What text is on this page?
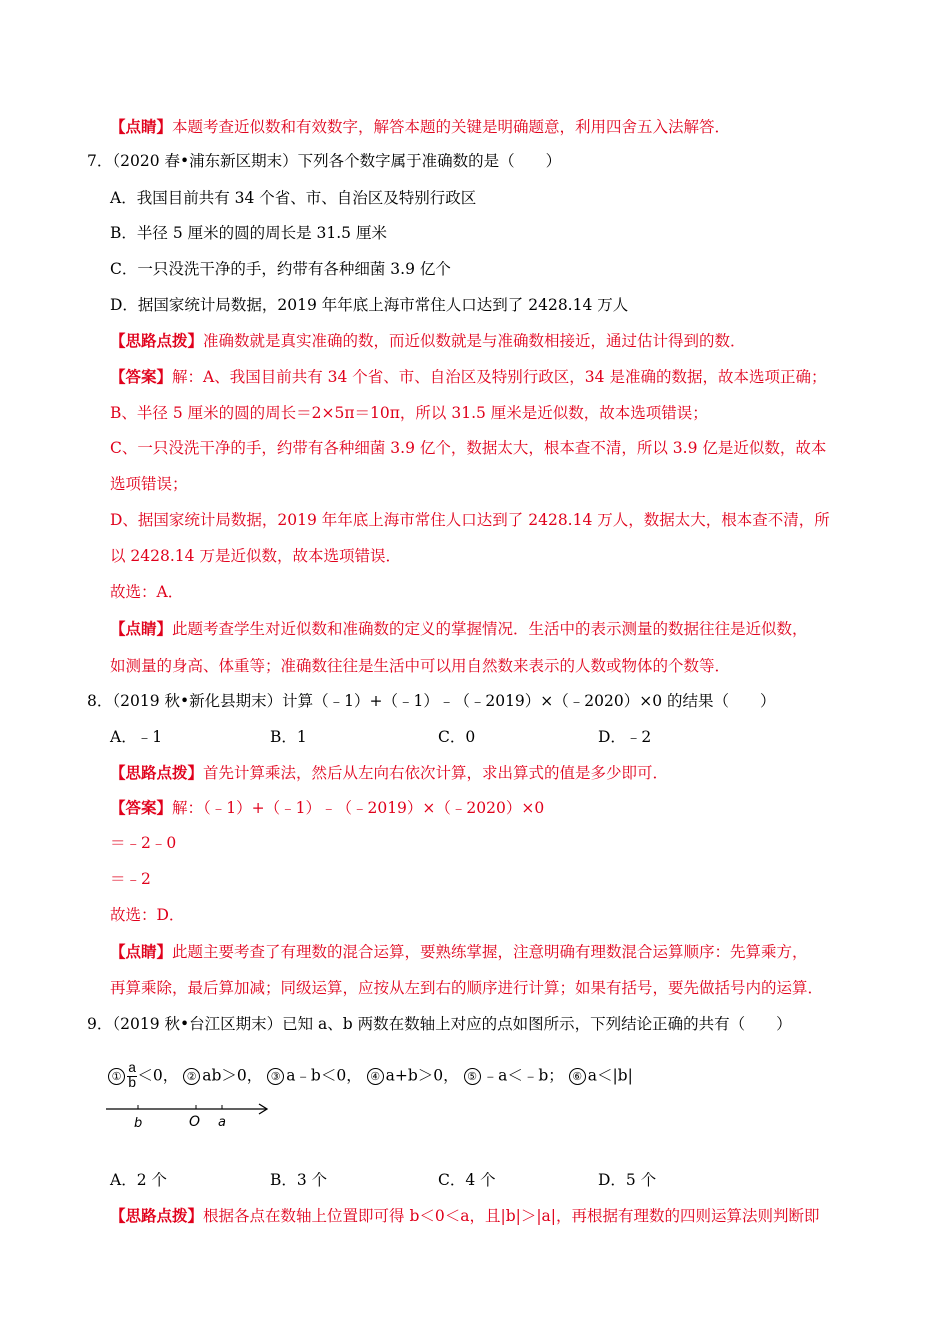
【点睛】本题考查近似数和有效数字，解答本题的关键是明确题意，利用四舍五入法解答．
7．（2020 春•浦东新区期末）下列各个数字属于准确数的是（　　）
A．我国目前共有 34 个省、市、自治区及特别行政区
B．半径 5 厘米的圆的周长是 31.5 厘米
C．一只没洗干净的手，约带有各种细菌 3.9 亿个
D．据国家统计局数据，2019 年年底上海市常住人口达到了 2428.14 万人
【思路点拨】准确数就是真实准确的数，而近似数就是与准确数相接近，通过估计得到的数．
【答案】解：A、我国目前共有 34 个省、市、自治区及特别行政区，34 是准确的数据，故本选项正确；
B、半径 5 厘米的圆的周长＝2×5π＝10π，所以 31.5 厘米是近似数，故本选项错误；
C、一只没洗干净的手，约带有各种细菌 3.9 亿个，数据太大，根本查不清，所以 3.9 亿是近似数，故本
选项错误；
D、据国家统计局数据，2019 年年底上海市常住人口达到了 2428.14 万人，数据太大，根本查不清，所
以 2428.14 万是近似数，故本选项错误．
故选：A．
【点睛】此题考查学生对近似数和准确数的定义的掌握情况．生活中的表示测量的数据往往是近似数，
如测量的身高、体重等；准确数往往是生活中可以用自然数来表示的人数或物体的个数等．
8．（2019 秋•新化县期末）计算（﹣1）+（﹣1）﹣（﹣2019）×（﹣2020）×0 的结果（　　）
A．﹣1	B．1	C．0	D．﹣2
【思路点拨】首先计算乘法，然后从左向右依次计算，求出算式的值是多少即可．
【答案】解：（﹣1）+（﹣1）﹣（﹣2019）×（﹣2020）×0
＝﹣2﹣0
＝﹣2
故选：D．
【点睛】此题主要考查了有理数的混合运算，要熟练掌握，注意明确有理数混合运算顺序：先算乘方，
再算乘除，最后算加减；同级运算，应按从左到右的顺序进行计算；如果有括号，要先做括号内的运算．
9．（2019 秋•台江区期末）已知 a、b 两数在数轴上对应的点如图所示，下列结论正确的共有（　　）
① $\frac{a}{b} <0$， ② ab＞0， ③ a﹣b＜0， ④ a+b＞0， ⑤ ﹣a＜﹣b； ⑥ a＜|b|
b	O a
A．2 个	B．3 个	C．4 个	D．5 个
【思路点拨】根据各点在数轴上位置即可得 b＜0＜a，且|b|＞|a|，再根据有理数的四则运算法则判断即
